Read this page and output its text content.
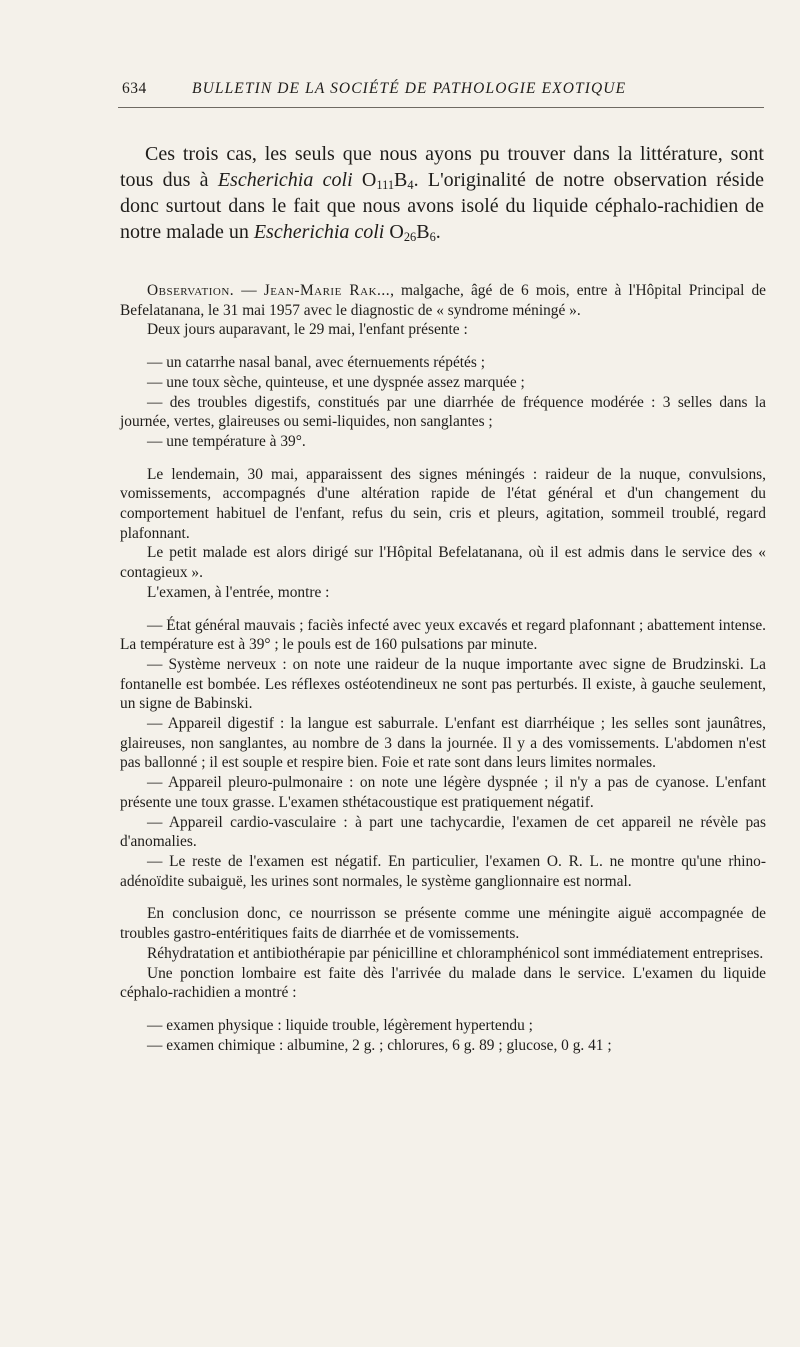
634	BULLETIN DE LA SOCIÉTÉ DE PATHOLOGIE EXOTIQUE

Ces trois cas, les seuls que nous ayons pu trouver dans la littérature, sont tous dus à Escherichia coli $O_{111}B_4$. L'originalité de notre observation réside donc surtout dans le fait que nous avons isolé du liquide céphalo-rachidien de notre malade un Escherichia coli $O_{26}B_6$.

Observation. — Jean-Marie Rak..., malgache, âgé de 6 mois, entre à l'Hôpital Principal de Befelatanana, le 31 mai 1957 avec le diagnostic de « syndrome méningé ».

Deux jours auparavant, le 29 mai, l'enfant présente :

— un catarrhe nasal banal, avec éternuements répétés ;

— une toux sèche, quinteuse, et une dyspnée assez marquée ;

— des troubles digestifs, constitués par une diarrhée de fréquence modérée : 3 selles dans la journée, vertes, glaireuses ou semi-liquides, non sanglantes ;

— une température à 39°.

Le lendemain, 30 mai, apparaissent des signes méningés : raideur de la nuque, convulsions, vomissements, accompagnés d'une altération rapide de l'état général et d'un changement du comportement habituel de l'enfant, refus du sein, cris et pleurs, agitation, sommeil troublé, regard plafonnant.

Le petit malade est alors dirigé sur l'Hôpital Befelatanana, où il est admis dans le service des « contagieux ».

L'examen, à l'entrée, montre :

— État général mauvais ; faciès infecté avec yeux excavés et regard plafonnant ; abattement intense. La température est à 39° ; le pouls est de 160 pulsations par minute.

— Système nerveux : on note une raideur de la nuque importante avec signe de Brudzinski. La fontanelle est bombée. Les réflexes ostéotendineux ne sont pas perturbés. Il existe, à gauche seulement, un signe de Babinski.

— Appareil digestif : la langue est saburrale. L'enfant est diarrhéique ; les selles sont jaunâtres, glaireuses, non sanglantes, au nombre de 3 dans la journée. Il y a des vomissements. L'abdomen n'est pas ballonné ; il est souple et respire bien. Foie et rate sont dans leurs limites normales.

— Appareil pleuro-pulmonaire : on note une légère dyspnée ; il n'y a pas de cyanose. L'enfant présente une toux grasse. L'examen sthétacoustique est pratiquement négatif.

— Appareil cardio-vasculaire : à part une tachycardie, l'examen de cet appareil ne révèle pas d'anomalies.

— Le reste de l'examen est négatif. En particulier, l'examen O. R. L. ne montre qu'une rhino-adénoïdite subaiguë, les urines sont normales, le système ganglionnaire est normal.

En conclusion donc, ce nourrisson se présente comme une méningite aiguë accompagnée de troubles gastro-entéritiques faits de diarrhée et de vomissements.

Réhydratation et antibiothérapie par pénicilline et chloramphénicol sont immédiatement entreprises.

Une ponction lombaire est faite dès l'arrivée du malade dans le service. L'examen du liquide céphalo-rachidien a montré :

— examen physique : liquide trouble, légèrement hypertendu ;

— examen chimique : albumine, 2 g. ; chlorures, 6 g. 89 ; glucose, 0 g. 41 ;
